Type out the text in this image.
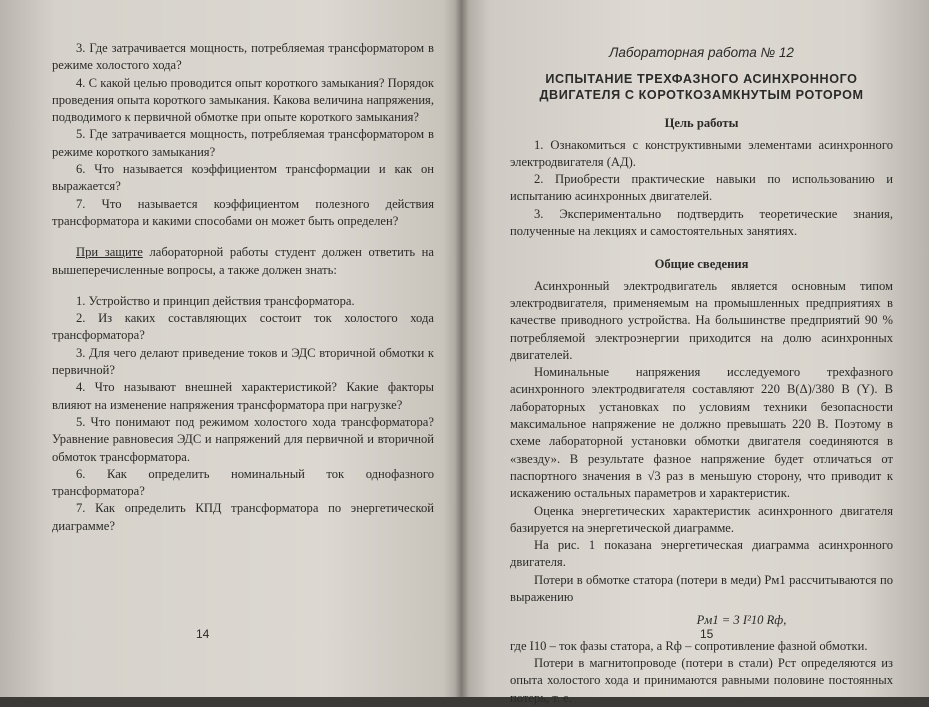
3. Где затрачивается мощность, потребляемая трансформатором в режиме холостого хода?

4. С какой целью проводится опыт короткого замыкания? Порядок проведения опыта короткого замыкания. Какова величина напряжения, подводимого к первичной обмотке при опыте короткого замыкания?

5. Где затрачивается мощность, потребляемая трансформатором в режиме короткого замыкания?

6. Что называется коэффициентом трансформации и как он выражается?

7. Что называется коэффициентом полезного действия трансформатора и какими способами он может быть определен?

При защите лабораторной работы студент должен ответить на вышеперечисленные вопросы, а также должен знать:

1. Устройство и принцип действия трансформатора.

2. Из каких составляющих состоит ток холостого хода трансформатора?

3. Для чего делают приведение токов и ЭДС вторичной обмотки к первичной?

4. Что называют внешней характеристикой? Какие факторы влияют на изменение напряжения трансформатора при нагрузке?

5. Что понимают под режимом холостого хода трансформатора? Уравнение равновесия ЭДС и напряжений для первичной и вторичной обмоток трансформатора.

6. Как определить номинальный ток однофазного трансформатора?

7. Как определить КПД трансформатора по энергетической диаграмме?

14
Лабораторная работа № 12
ИСПЫТАНИЕ ТРЕХФАЗНОГО АСИНХРОННОГО
ДВИГАТЕЛЯ С КОРОТКОЗАМКНУТЫМ РОТОРОМ
Цель работы

1. Ознакомиться с конструктивными элементами асинхронного электродвигателя (АД).

2. Приобрести практические навыки по использованию и испытанию асинхронных двигателей.

3. Экспериментально подтвердить теоретические знания, полученные на лекциях и самостоятельных занятиях.

Общие сведения

Асинхронный электродвигатель является основным типом электродвигателя, применяемым на промышленных предприятиях в качестве приводного устройства. На большинстве предприятий 90 % потребляемой электроэнергии приходится на долю асинхронных двигателей.

Номинальные напряжения исследуемого трехфазного асинхронного электродвигателя составляют 220 В(Δ)/380 В (Y). В лабораторных установках по условиям техники безопасности максимальное напряжение не должно превышать 220 В. Поэтому в схеме лабораторной установки обмотки двигателя соединяются в «звезду». В результате фазное напряжение будет отличаться от паспортного значения в √3 раз в меньшую сторону, что приводит к искажению остальных параметров и характеристик.

Оценка энергетических характеристик асинхронного двигателя базируется на энергетической диаграмме.

На рис. 1 показана энергетическая диаграмма асинхронного двигателя.

Потери в обмотке статора (потери в меди) Pм1 рассчитываются по выражению

Pм1 = 3 I²10 Rф,

где I10 – ток фазы статора, а Rф – сопротивление фазной обмотки.

Потери в магнитопроводе (потери в стали) Pст определяются из опыта холостого хода и принимаются равными половине постоянных потерь, т. е.

15
